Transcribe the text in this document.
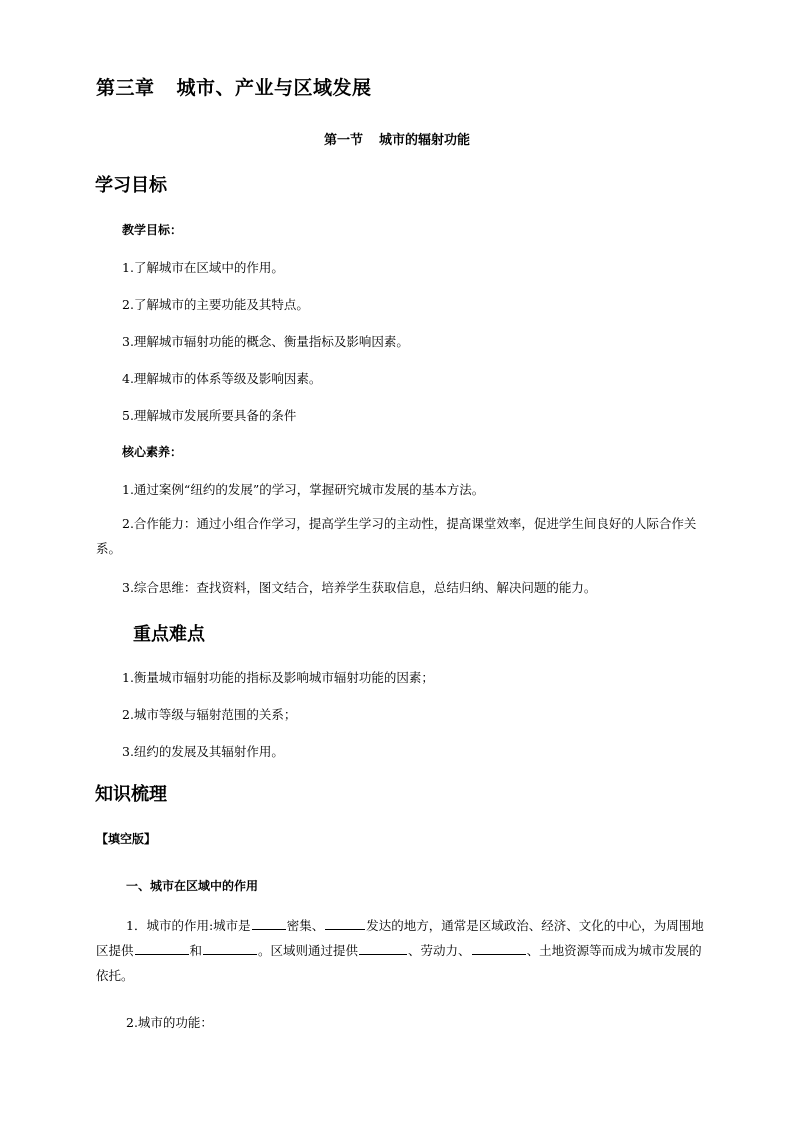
第三章 城市、产业与区域发展
第一节 城市的辐射功能
学习目标
教学目标：
1.了解城市在区域中的作用。
2.了解城市的主要功能及其特点。
3.理解城市辐射功能的概念、衡量指标及影响因素。
4.理解城市的体系等级及影响因素。
5.理解城市发展所要具备的条件
核心素养：
1.通过案例“纽约的发展”的学习，掌握研究城市发展的基本方法。
2.合作能力：通过小组合作学习，提高学生学习的主动性，提高课堂效率，促进学生间良好的人际合作关系。
3.综合思维：查找资料，图文结合，培养学生获取信息，总结归纳、解决问题的能力。
重点难点
1.衡量城市辐射功能的指标及影响城市辐射功能的因素；
2.城市等级与辐射范围的关系；
3.纽约的发展及其辐射作用。
知识梳理
【填空版】
一、城市在区域中的作用
1．城市的作用:城市是	密集、	发达的地方，通常是区域政治、经济、文化的中心，为周围地区提供	和	。区域则通过提供	、劳动力、	、土地资源等而成为城市发展的依托。
2.城市的功能：
